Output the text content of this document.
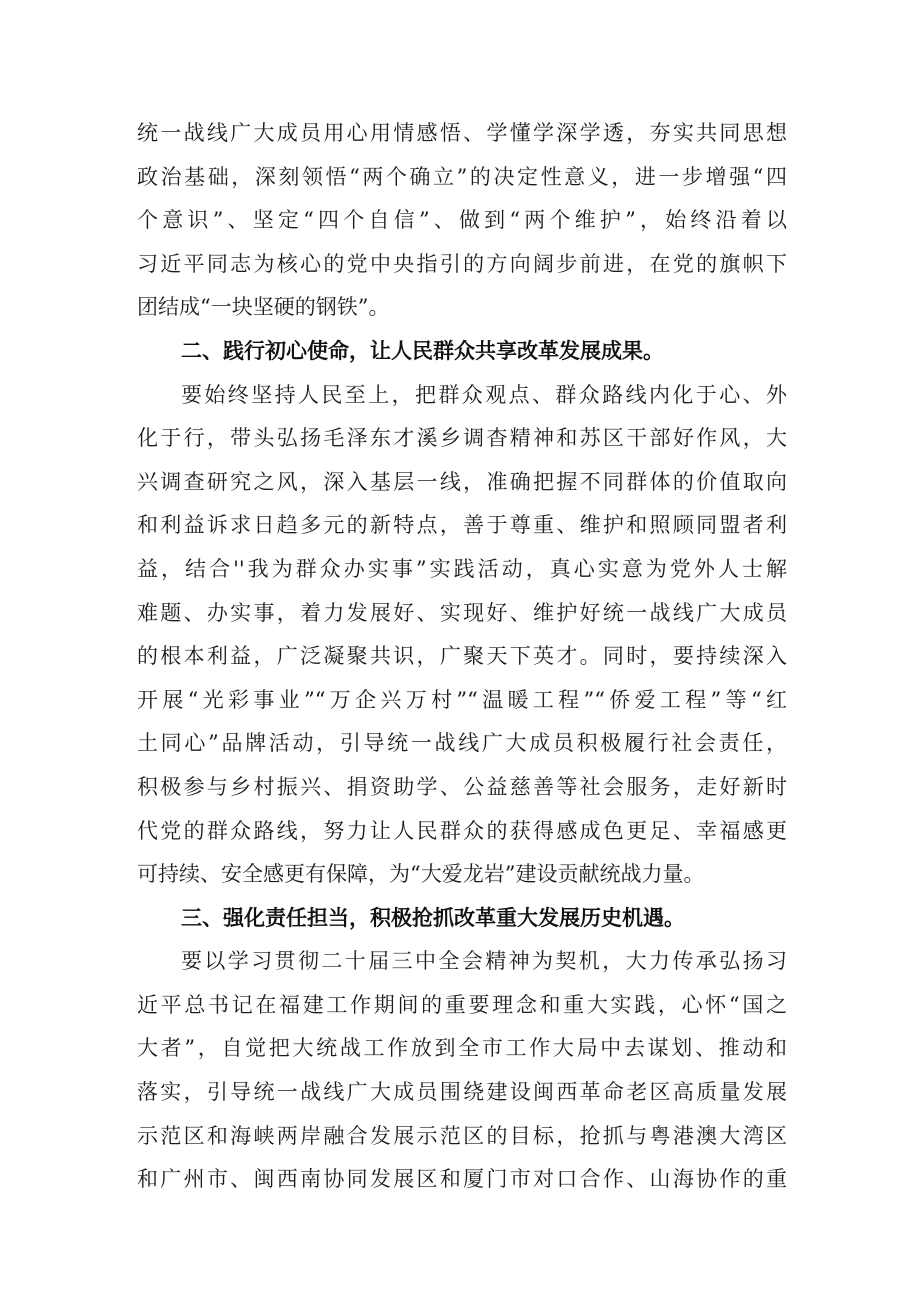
统一战线广大成员用心用情感悟、学懂学深学透，夯实共同思想
政治基础，深刻领悟“两个确立”的决定性意义，进一步增强“四
个意识”、坚定“四个自信”、做到“两个维护”，始终沿着以
习近平同志为核心的党中央指引的方向阔步前进，在党的旗帜下
团结成“一块坚硬的钢铁”。
二、践行初心使命，让人民群众共享改革发展成果。
要始终坚持人民至上，把群众观点、群众路线内化于心、外
化于行，带头弘扬毛泽东才溪乡调杳精神和苏区干部好作风，大
兴调查研究之风，深入基层一线，准确把握不同群体的价值取向
和利益诉求日趋多元的新特点，善于尊重、维护和照顾同盟者利
益，结合''我为群众办实事”实践活动，真心实意为党外人士解
难题、办实事，着力发展好、实现好、维护好统一战线广大成员
的根本利益，广泛凝聚共识，广聚天下英才。同时，要持续深入
开展“光彩事业”“万企兴万村”“温暖工程”“侨爱工程”等“红
土同心”品牌活动，引导统一战线广大成员积极履行社会责任，
积极参与乡村振兴、捐资助学、公益慈善等社会服务，走好新时
代党的群众路线，努力让人民群众的获得感成色更足、幸福感更
可持续、安全感更有保障，为“大爱龙岩”建设贡献统战力量。
三、强化责任担当，积极抢抓改革重大发展历史机遇。
要以学习贯彻二十届三中全会精神为契机，大力传承弘扬习
近平总书记在福建工作期间的重要理念和重大实践，心怀“国之
大者”，自觉把大统战工作放到全市工作大局中去谋划、推动和
落实，引导统一战线广大成员围绕建设闽西革命老区高质量发展
示范区和海峡两岸融合发展示范区的目标，抢抓与粤港澳大湾区
和广州市、闽西南协同发展区和厦门市对口合作、山海协作的重
